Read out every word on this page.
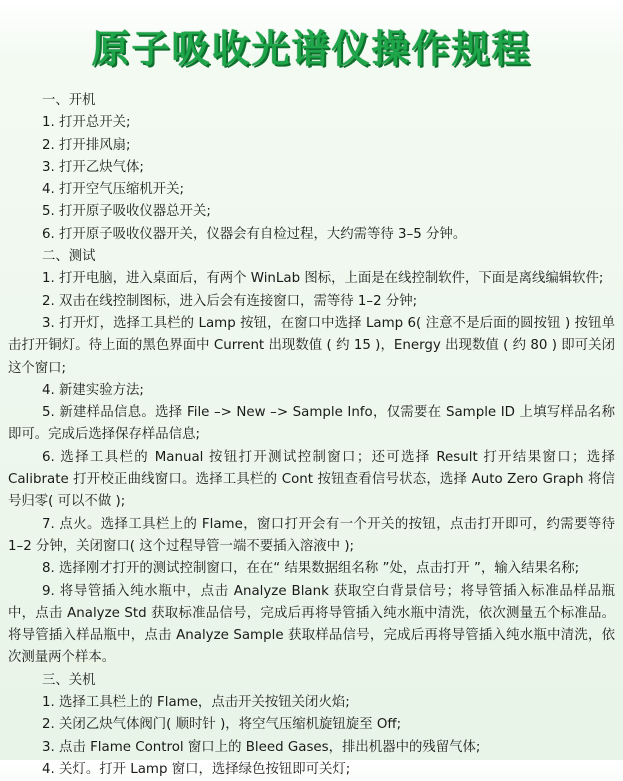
原子吸收光谱仪操作规程
一、开机
1. 打开总开关;
2. 打开排风扇;
3. 打开乙炔气体;
4. 打开空气压缩机开关;
5. 打开原子吸收仪器总开关;
6. 打开原子吸收仪器开关，仪器会有自检过程，大约需等待 3–5 分钟。
二、测试
1. 打开电脑，进入桌面后，有两个 WinLab 图标，上面是在线控制软件，下面是离线编辑软件;
2. 双击在线控制图标，进入后会有连接窗口，需等待 1–2 分钟;
3. 打开灯，选择工具栏的 Lamp 按钮，在窗口中选择 Lamp 6( 注意不是后面的圆按钮 ) 按钮单击打开铜灯。待上面的黑色界面中 Current 出现数值 ( 约 15 )，Energy 出现数值 ( 约 80 ) 即可关闭这个窗口;
4. 新建实验方法;
5. 新建样品信息。选择 File –> New –> Sample Info，仅需要在 Sample ID 上填写样品名称即可。完成后选择保存样品信息;
6. 选择工具栏的 Manual 按钮打开测试控制窗口；还可选择 Result 打开结果窗口；选择 Calibrate 打开校正曲线窗口。选择工具栏的 Cont 按钮查看信号状态，选择 Auto Zero Graph 将信号归零( 可以不做 );
7. 点火。选择工具栏上的 Flame，窗口打开会有一个开关的按钮，点击打开即可，约需要等待 1–2 分钟，关闭窗口( 这个过程导管一端不要插入溶液中 );
8. 选择刚才打开的测试控制窗口，在在“ 结果数据组名称 ”处，点击打开 ”，输入结果名称;
9. 将导管插入纯水瓶中，点击 Analyze Blank 获取空白背景信号；将导管插入标准品样品瓶中，点击 Analyze Std 获取标准品信号，完成后再将导管插入纯水瓶中清洗，依次测量五个标准品。将导管插入样品瓶中，点击 Analyze Sample 获取样品信号，完成后再将导管插入纯水瓶中清洗，依次测量两个样本。
三、关机
1. 选择工具栏上的 Flame，点击开关按钮关闭火焰;
2. 关闭乙炔气体阀门( 顺时针 )，将空气压缩机旋钮旋至 Off;
3. 点击 Flame Control 窗口上的 Bleed Gases，排出机器中的残留气体;
4. 关灯。打开 Lamp 窗口，选择绿色按钮即可关灯;
